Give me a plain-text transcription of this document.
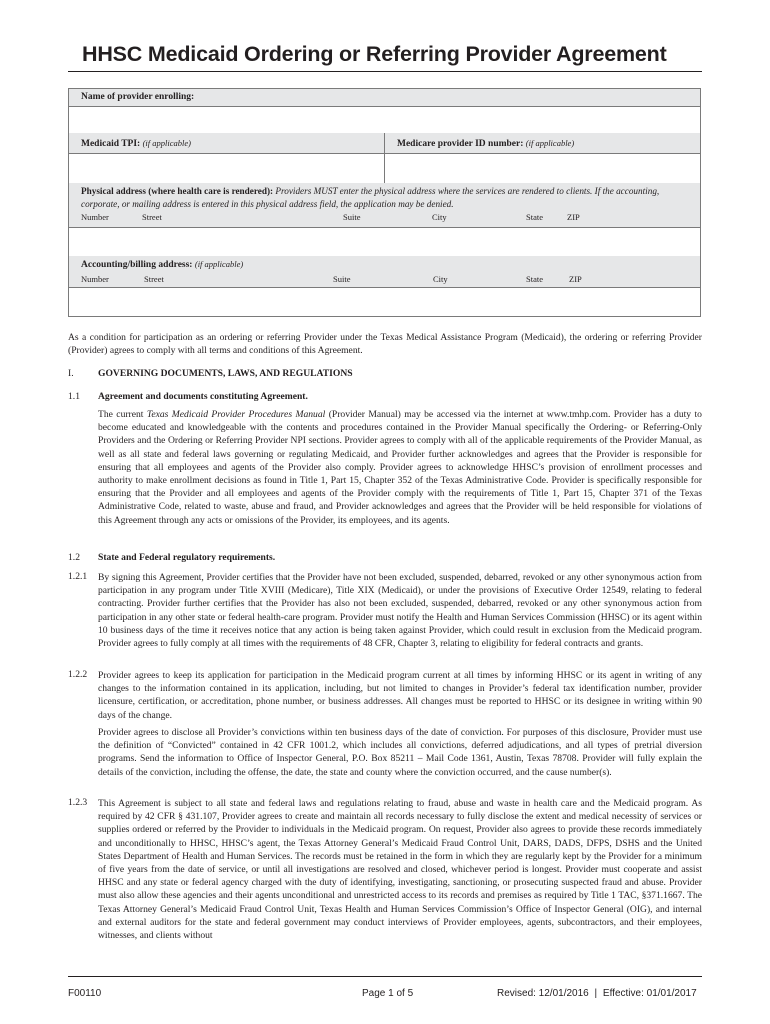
HHSC Medicaid Ordering or Referring Provider Agreement
Name of provider enrolling:
Medicaid TPI: (if applicable)	Medicare provider ID number: (if applicable)
Physical address (where health care is rendered): Providers MUST enter the physical address where the services are rendered to clients. If the accounting, corporate, or mailing address is entered in this physical address field, the application may be denied.
Number	Street	Suite	City	State	ZIP
Accounting/billing address: (if applicable)
Number	Street	Suite	City	State	ZIP
As a condition for participation as an ordering or referring Provider under the Texas Medical Assistance Program (Medicaid), the ordering or referring Provider (Provider) agrees to comply with all terms and conditions of this Agreement.
I.	GOVERNING DOCUMENTS, LAWS, AND REGULATIONS
1.1 Agreement and documents constituting Agreement.
The current Texas Medicaid Provider Procedures Manual (Provider Manual) may be accessed via the internet at www.tmhp.com. Provider has a duty to become educated and knowledgeable with the contents and procedures contained in the Provider Manual specifically the Ordering- or Referring-Only Providers and the Ordering or Referring Provider NPI sections. Provider agrees to comply with all of the applicable requirements of the Provider Manual, as well as all state and federal laws governing or regulating Medicaid, and Provider further acknowledges and agrees that the Provider is responsible for ensuring that all employees and agents of the Provider also comply. Provider agrees to acknowledge HHSC’s provision of enrollment processes and authority to make enrollment decisions as found in Title 1, Part 15, Chapter 352 of the Texas Administrative Code. Provider is specifically responsible for ensuring that the Provider and all employees and agents of the Provider comply with the requirements of Title 1, Part 15, Chapter 371 of the Texas Administrative Code, related to waste, abuse and fraud, and Provider acknowledges and agrees that the Provider will be held responsible for violations of this Agreement through any acts or omissions of the Provider, its employees, and its agents.
1.2 State and Federal regulatory requirements.
1.2.1 By signing this Agreement, Provider certifies that the Provider have not been excluded, suspended, debarred, revoked or any other synonymous action from participation in any program under Title XVIII (Medicare), Title XIX (Medicaid), or under the provisions of Executive Order 12549, relating to federal contracting. Provider further certifies that the Provider has also not been excluded, suspended, debarred, revoked or any other synonymous action from participation in any other state or federal health-care program. Provider must notify the Health and Human Services Commission (HHSC) or its agent within 10 business days of the time it receives notice that any action is being taken against Provider, which could result in exclusion from the Medicaid program. Provider agrees to fully comply at all times with the requirements of 48 CFR, Chapter 3, relating to eligibility for federal contracts and grants.
1.2.2 Provider agrees to keep its application for participation in the Medicaid program current at all times by informing HHSC or its agent in writing of any changes to the information contained in its application, including, but not limited to changes in Provider’s federal tax identification number, provider licensure, certification, or accreditation, phone number, or business addresses. All changes must be reported to HHSC or its designee in writing within 90 days of the change.
Provider agrees to disclose all Provider’s convictions within ten business days of the date of conviction. For purposes of this disclosure, Provider must use the definition of “Convicted” contained in 42 CFR 1001.2, which includes all convictions, deferred adjudications, and all types of pretrial diversion programs. Send the information to Office of Inspector General, P.O. Box 85211 – Mail Code 1361, Austin, Texas 78708. Provider will fully explain the details of the conviction, including the offense, the date, the state and county where the conviction occurred, and the cause number(s).
1.2.3 This Agreement is subject to all state and federal laws and regulations relating to fraud, abuse and waste in health care and the Medicaid program. As required by 42 CFR § 431.107, Provider agrees to create and maintain all records necessary to fully disclose the extent and medical necessity of services or supplies ordered or referred by the Provider to individuals in the Medicaid program. On request, Provider also agrees to provide these records immediately and unconditionally to HHSC, HHSC’s agent, the Texas Attorney General’s Medicaid Fraud Control Unit, DARS, DADS, DFPS, DSHS and the United States Department of Health and Human Services. The records must be retained in the form in which they are regularly kept by the Provider for a minimum of five years from the date of service, or until all investigations are resolved and closed, whichever period is longest. Provider must cooperate and assist HHSC and any state or federal agency charged with the duty of identifying, investigating, sanctioning, or prosecuting suspected fraud and abuse. Provider must also allow these agencies and their agents unconditional and unrestricted access to its records and premises as required by Title 1 TAC, §371.1667. The Texas Attorney General’s Medicaid Fraud Control Unit, Texas Health and Human Services Commission’s Office of Inspector General (OIG), and internal and external auditors for the state and federal government may conduct interviews of Provider employees, agents, subcontractors, and their employees, witnesses, and clients without
F00110	Page 1 of 5	Revised: 12/01/2016 | Effective: 01/01/2017
